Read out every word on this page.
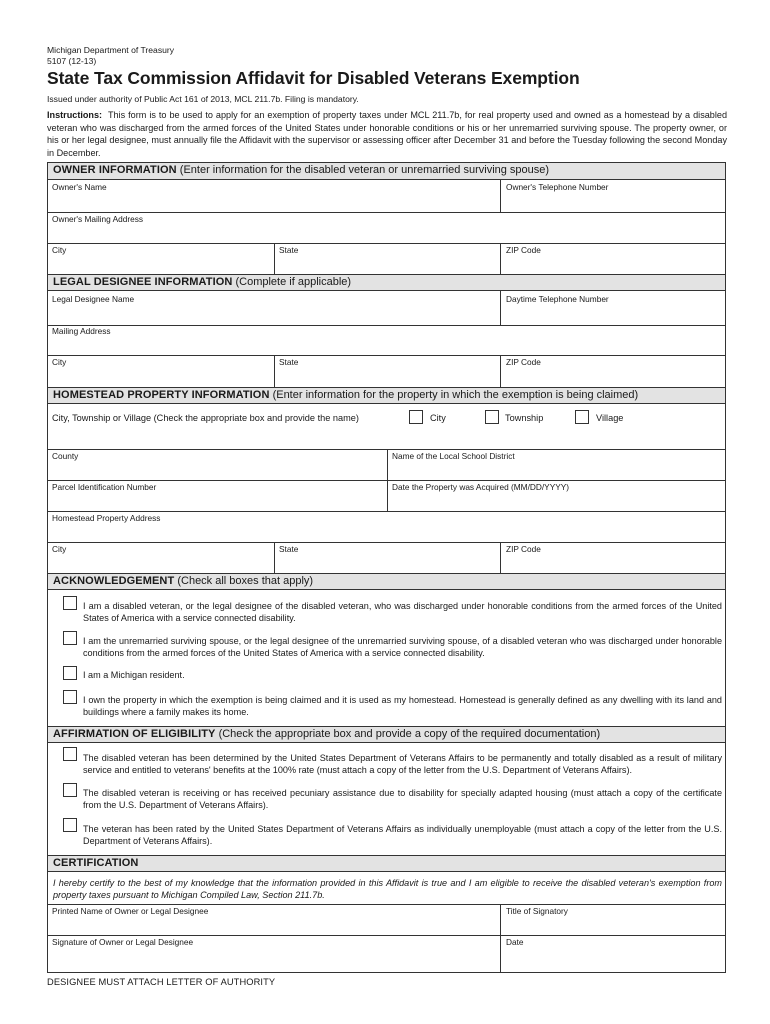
Michigan Department of Treasury
5107 (12-13)
State Tax Commission Affidavit for Disabled Veterans Exemption
Issued under authority of Public Act 161 of 2013, MCL 211.7b. Filing is mandatory.
Instructions: This form is to be used to apply for an exemption of property taxes under MCL 211.7b, for real property used and owned as a homestead by a disabled veteran who was discharged from the armed forces of the United States under honorable conditions or his or her unremarried surviving spouse. The property owner, or his or her legal designee, must annually file the Affidavit with the supervisor or assessing officer after December 31 and before the Tuesday following the second Monday in December.
OWNER INFORMATION (Enter information for the disabled veteran or unremarried surviving spouse)
Owner's Name	Owner's Telephone Number
Owner's Mailing Address
City	State	ZIP Code
LEGAL DESIGNEE INFORMATION (Complete if applicable)
Legal Designee Name	Daytime Telephone Number
Mailing Address
City	State	ZIP Code
HOMESTEAD PROPERTY INFORMATION (Enter information for the property in which the exemption is being claimed)
City, Township or Village (Check the appropriate box and provide the name)	City	Township	Village
County	Name of the Local School District
Parcel Identification Number	Date the Property was Acquired (MM/DD/YYYY)
Homestead Property Address
City	State	ZIP Code
ACKNOWLEDGEMENT (Check all boxes that apply)
I am a disabled veteran, or the legal designee of the disabled veteran, who was discharged under honorable conditions from the armed forces of the United States of America with a service connected disability.
I am the unremarried surviving spouse, or the legal designee of the unremarried surviving spouse, of a disabled veteran who was discharged under honorable conditions from the armed forces of the United States of America with a service connected disability.
I am a Michigan resident.
I own the property in which the exemption is being claimed and it is used as my homestead. Homestead is generally defined as any dwelling with its land and buildings where a family makes its home.
AFFIRMATION OF ELIGIBILITY (Check the appropriate box and provide a copy of the required documentation)
The disabled veteran has been determined by the United States Department of Veterans Affairs to be permanently and totally disabled as a result of military service and entitled to veterans' benefits at the 100% rate (must attach a copy of the letter from the U.S. Department of Veterans Affairs).
The disabled veteran is receiving or has received pecuniary assistance due to disability for specially adapted housing (must attach a copy of the certificate from the U.S. Department of Veterans Affairs).
The veteran has been rated by the United States Department of Veterans Affairs as individually unemployable (must attach a copy of the letter from the U.S. Department of Veterans Affairs).
CERTIFICATION
I hereby certify to the best of my knowledge that the information provided in this Affidavit is true and I am eligible to receive the disabled veteran's exemption from property taxes pursuant to Michigan Compiled Law, Section 211.7b.
Printed Name of Owner or Legal Designee	Title of Signatory
Signature of Owner or Legal Designee	Date
DESIGNEE MUST ATTACH LETTER OF AUTHORITY
